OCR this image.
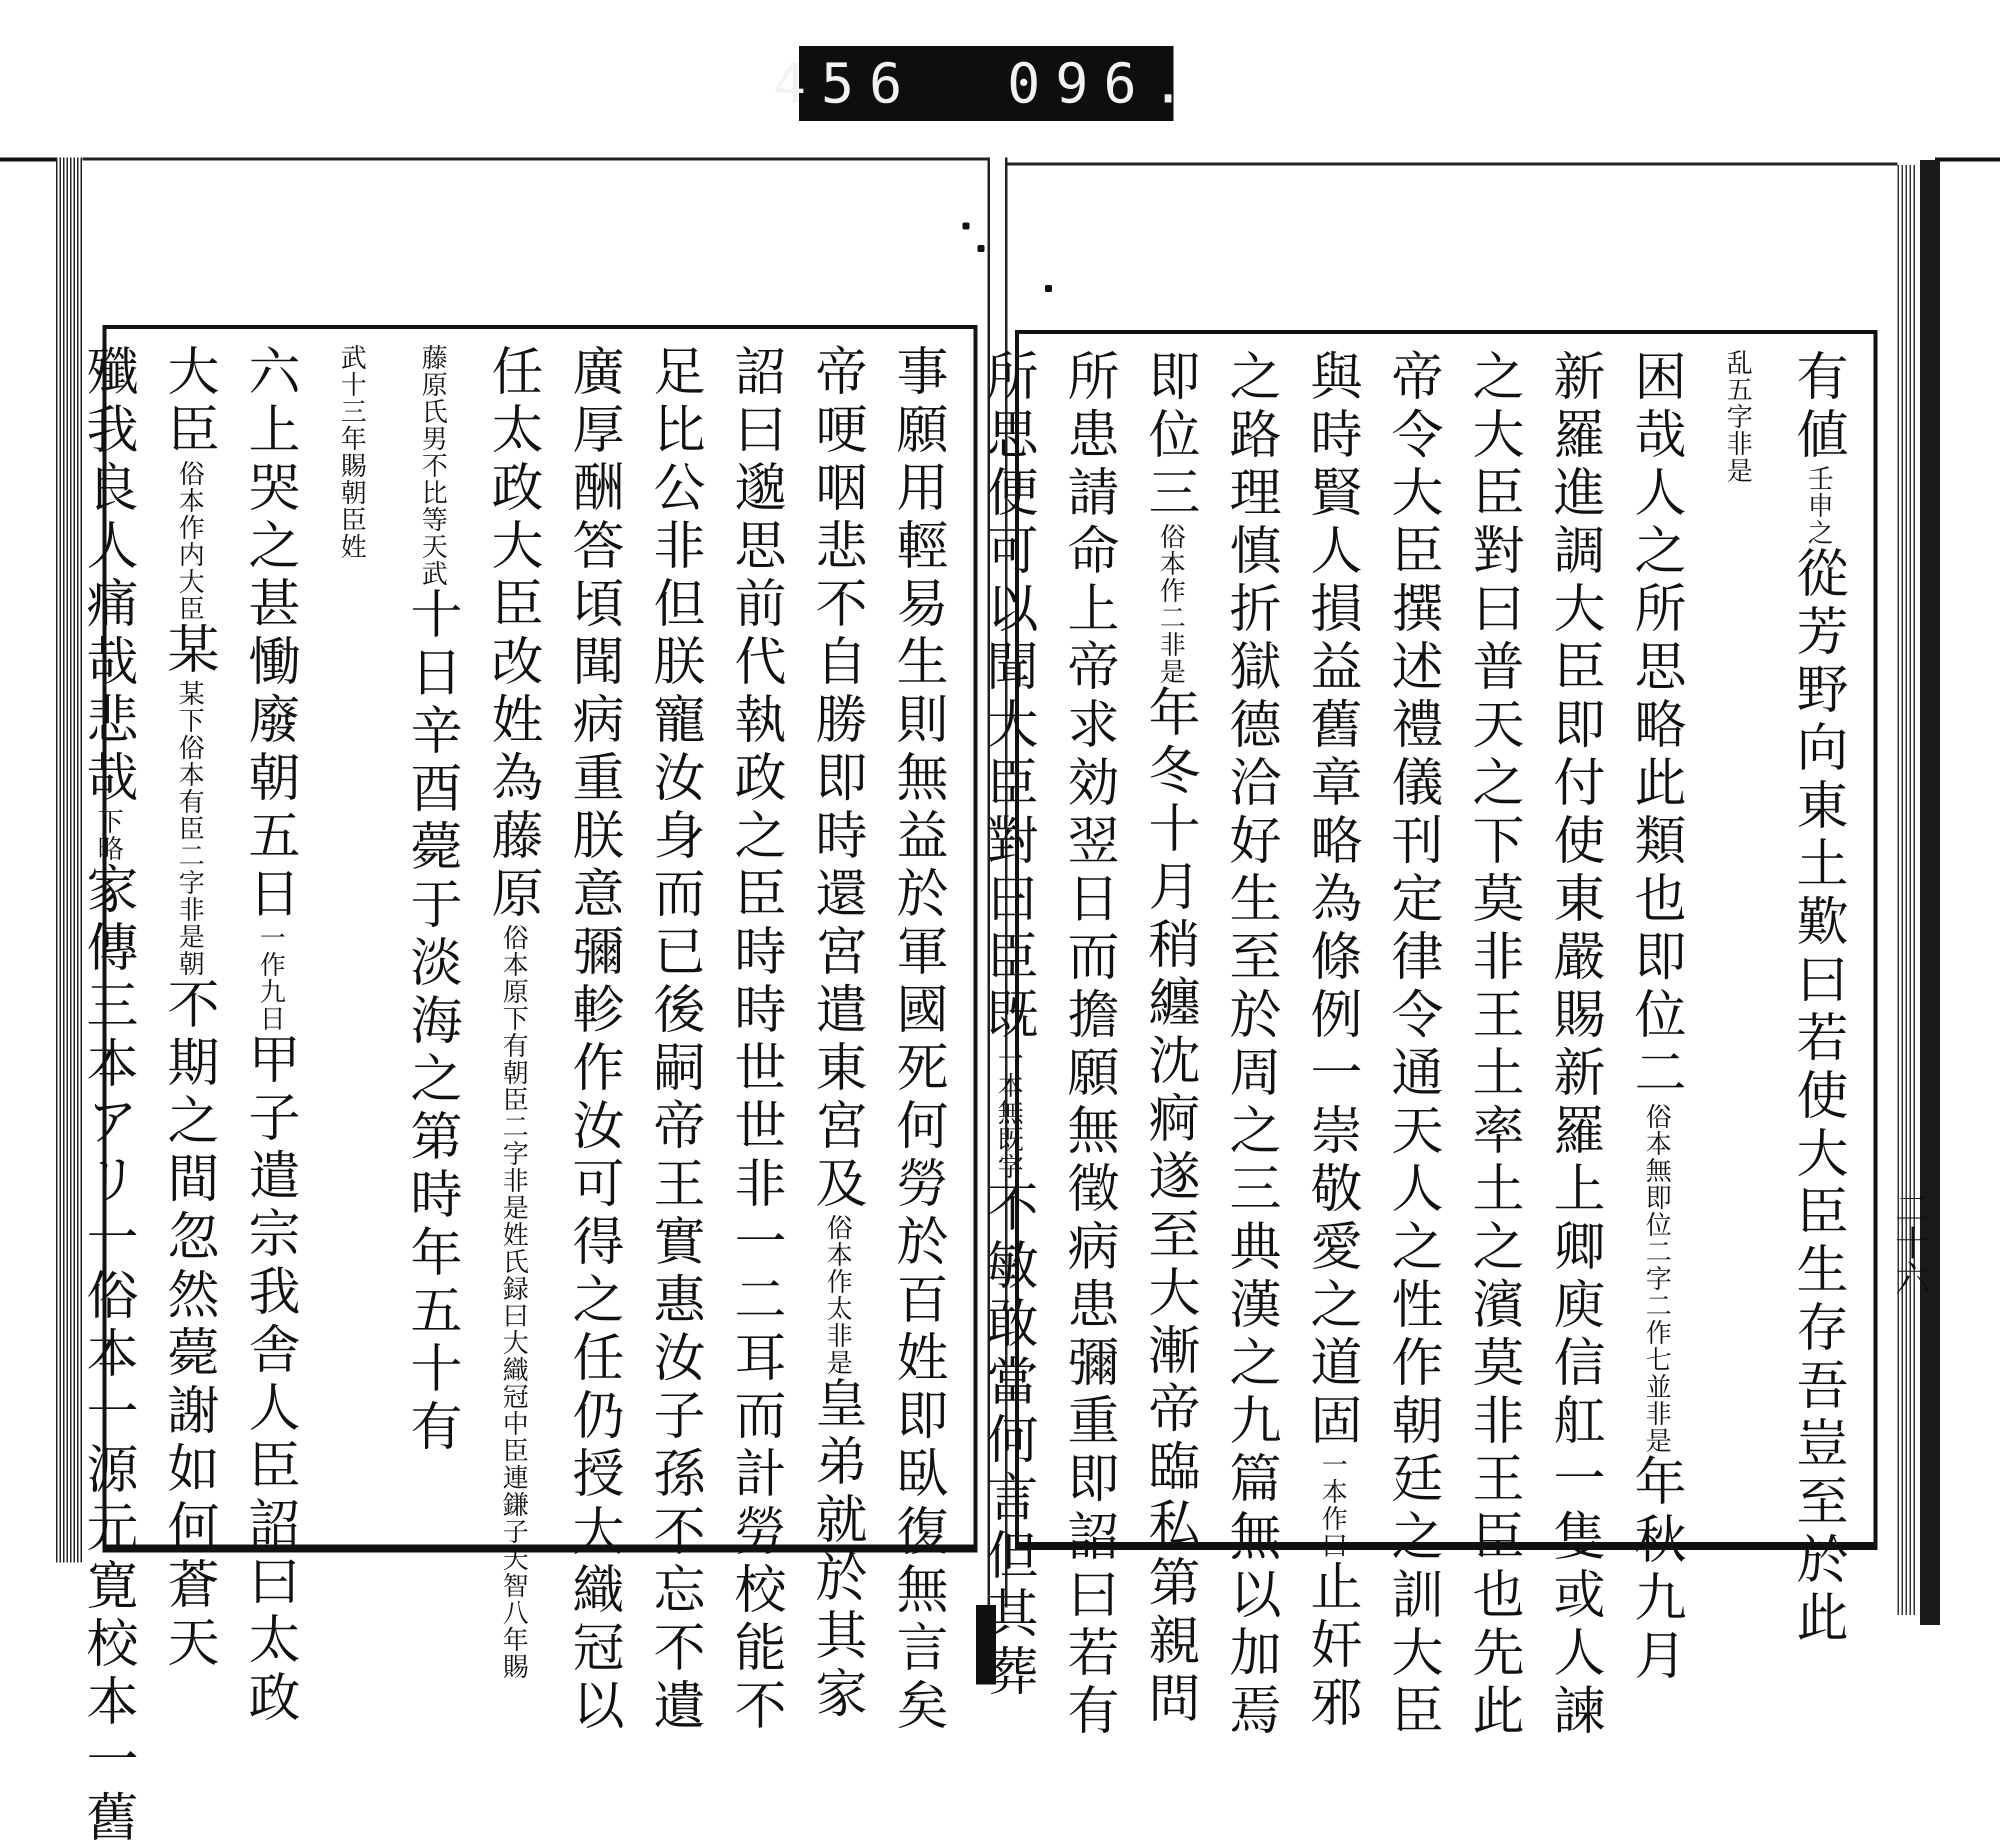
456 096.
事願用輕易生則無益於軍國死何勞於百姓即臥復無言矣
帝哽咽悲不自勝即時還宮遣東宮及俗本作太非是皇弟就於其家
詔曰邈思前代執政之臣時時世世非一二耳而計勞校能不
足比公非但朕寵汝身而已後嗣帝王實惠汝子孫不忘不遺
廣厚酬答頃聞病重朕意彌軫作汝可得之任仍授大織冠以
任太政大臣改姓為藤原俗本原下有朝臣二字非是姓氏録曰大織冠中臣連鎌子天智八年賜
藤原氏男不比等天武十日辛酉薨于淡海之第時年五十有
武十三年賜朝臣姓
六上哭之甚慟廢朝五日一作九日甲子遣宗我舎人臣詔曰太政
大臣俗本作内大臣某某下俗本有臣二字非是朝不期之間忽然薨謝如何蒼天
殲我良人痛哉悲哉下略家傳三本アリ一俗本一源元寛校本一舊
有値壬申之從芳野向東土歎曰若使大臣生存吾豈至於此
乱五字非是
困哉人之所思略此類也即位二俗本無即位二字二作七並非是年秋九月
新羅進調大臣即付使東嚴賜新羅上卿庾信舡一隻或人諫
之大臣對曰普天之下莫非王土率土之濱莫非王臣也先此
帝令大臣撰述禮儀刊定律令通天人之性作朝廷之訓大臣
與時賢人損益舊章略為條例一崇敬愛之道固一本作曰止奸邪
之路理慎折獄德洽好生至於周之三典漢之九篇無以加焉
即位三俗本作二非是年冬十月稍纏沈痾遂至大漸帝臨私第親問
所患請命上帝求効翌日而擔願無徵病患彌重即詔曰若有
所思便可以聞大臣對曰臣既一本無既字不敏敢當何言但其葬	二十六
